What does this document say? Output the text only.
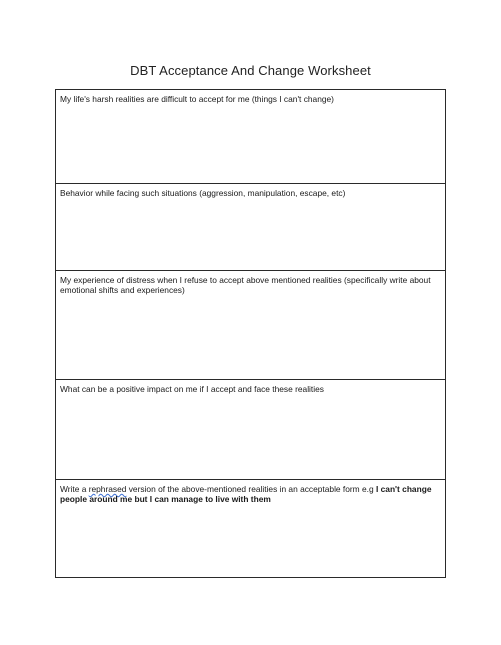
DBT Acceptance And Change Worksheet
My life's harsh realities are difficult to accept for me (things I can't change)
Behavior while facing such situations (aggression, manipulation, escape, etc)
My experience of distress when I refuse to accept above mentioned realities (specifically write about emotional shifts and experiences)
What can be a positive impact on me if I accept and face these realities
Write a rephrased version of the above-mentioned realities in an acceptable form e.g I can't change people around me but I can manage to live with them
